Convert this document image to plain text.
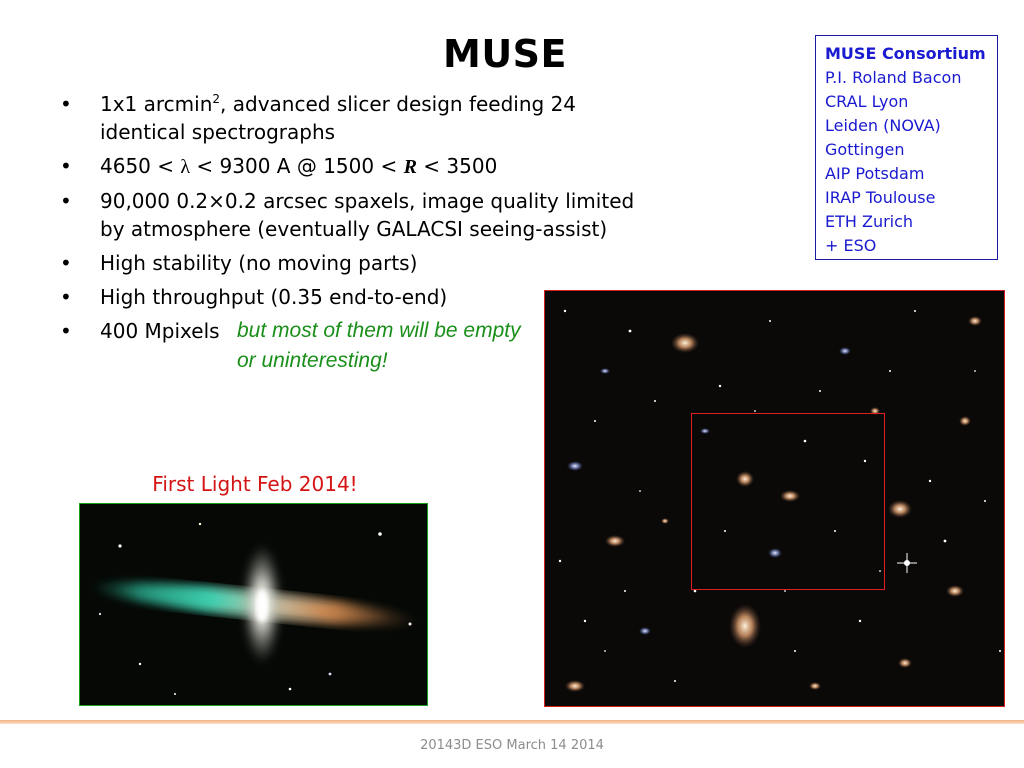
MUSE	MUSE Consortium
P.I. Roland Bacon
CRAL Lyon
Leiden (NOVA)
Gottingen
AIP Potsdam
IRAP Toulouse
ETH Zurich
+ ESO
• 1x1 arcmin$^2$, advanced slicer design feeding 24 identical spectrographs
• 4650 < λ < 9300 A @ 1500 < R < 3500
• 90,000 0.2×0.2 arcsec spaxels, image quality limited by atmosphere (eventually GALACSI seeing-assist)
• High stability (no moving parts)
• High throughput (0.35 end-to-end)
• 400 Mpixels but most of them will be empty or uninteresting!
First Light Feb 2014!
20143D ESO March 14 2014
